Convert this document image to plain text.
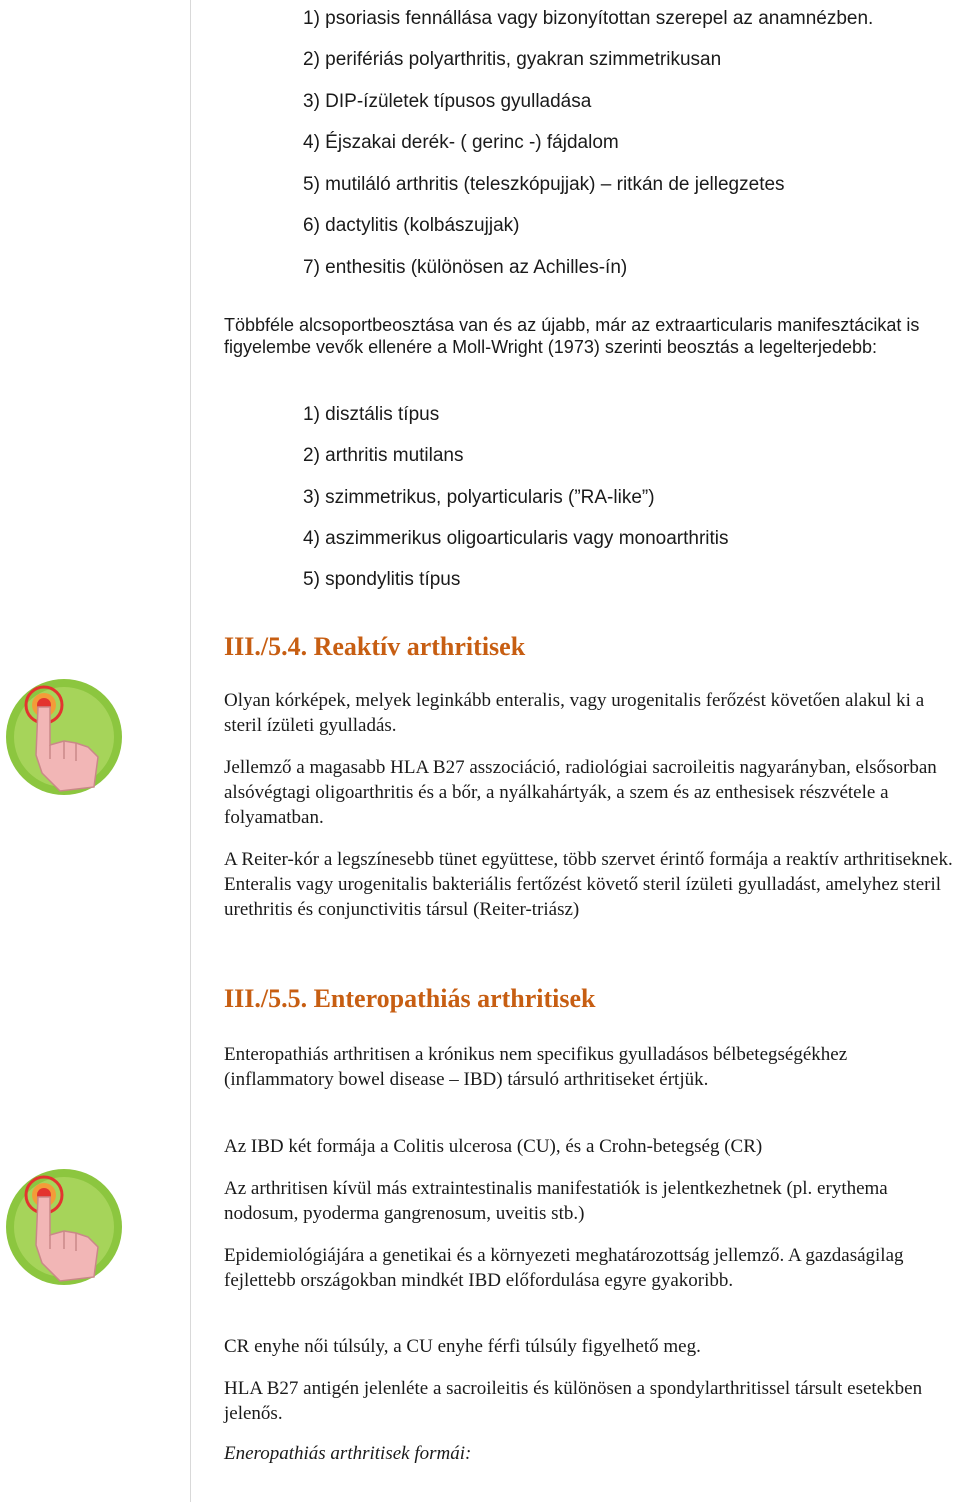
1) psoriasis fennállása vagy bizonyítottan szerepel az anamnézben.
2) perifériás polyarthritis, gyakran szimmetrikusan
3) DIP-ízületek típusos gyulladása
4) Éjszakai derék- ( gerinc -) fájdalom
5) mutiláló arthritis (teleszkópujjak) – ritkán de jellegzetes
6) dactylitis (kolbászujjak)
7) enthesitis (különösen az Achilles-ín)
Többféle alcsoportbeosztása van és az újabb, már az extraarticularis manifesztácikat is figyelembe vevők ellenére a Moll-Wright (1973) szerinti beosztás a legelterjedebb:
1) disztális típus
2) arthritis mutilans
3) szimmetrikus, polyarticularis (”RA-like”)
4) aszimmerikus oligoarticularis vagy monoarthritis
5) spondylitis típus
III./5.4. Reaktív arthritisek
Olyan kórképek, melyek leginkább enteralis, vagy urogenitalis ferőzést követően alakul ki a steril ízületi gyulladás.
Jellemző a magasabb HLA B27 asszociáció, radiológiai sacroileitis nagyarányban, elsősorban alsóvégtagi oligoarthritis és a bőr, a nyálkahártyák, a szem és az enthesisek részvétele a folyamatban.
A Reiter-kór a legszínesebb tünet együttese, több szervet érintő formája a reaktív arthritiseknek. Enteralis vagy urogenitalis bakteriális fertőzést követő steril ízületi gyulladást, amelyhez steril urethritis és conjunctivitis társul (Reiter-triász)
III./5.5. Enteropathiás arthritisek
Enteropathiás arthritisen a krónikus nem specifikus gyulladásos bélbetegségékhez (inflammatory bowel disease – IBD) társuló arthritiseket értjük.
Az IBD két formája a Colitis ulcerosa (CU), és a Crohn-betegség (CR)
Az arthritisen kívül más extraintestinalis manifestatiók is jelentkezhetnek (pl. erythema nodosum, pyoderma gangrenosum, uveitis stb.)
Epidemiológiájára a genetikai és a környezeti meghatározottság jellemző. A gazdaságilag fejlettebb országokban mindkét IBD előfordulása egyre gyakoribb.
CR enyhe női túlsúly, a CU enyhe férfi túlsúly figyelhető meg.
HLA B27 antigén jelenléte a sacroileitis és különösen a spondylarthritissel társult esetekben jelenős.
Eneropathiás arthritisek formái:
